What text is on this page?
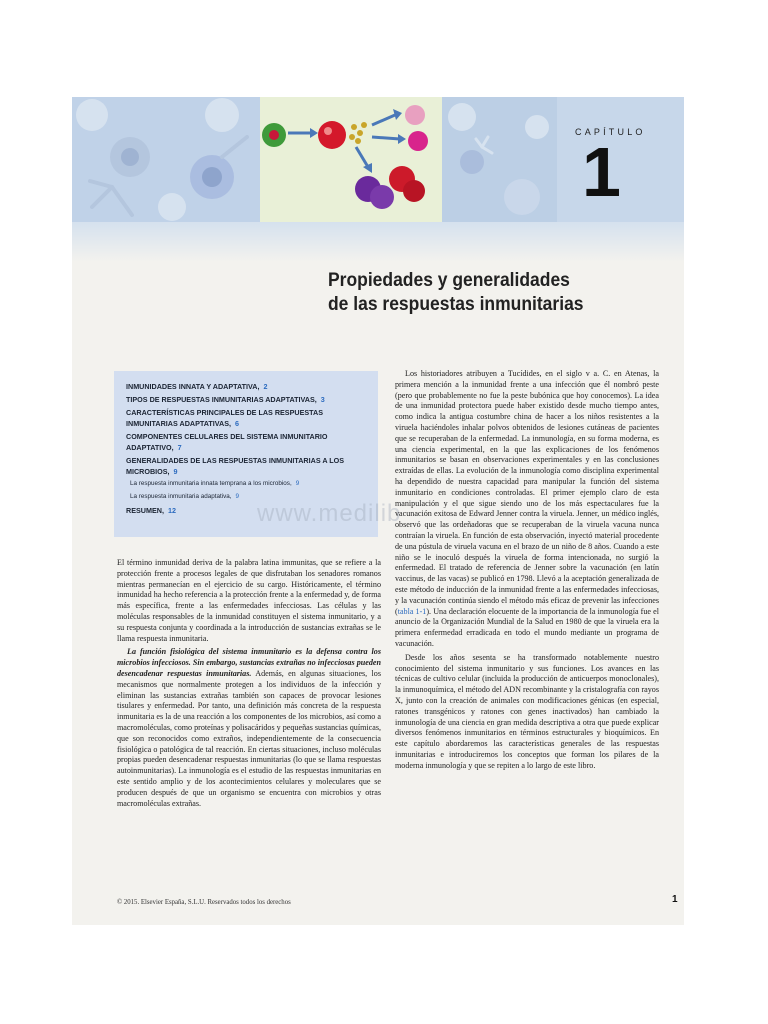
CAPÍTULO
1
Propiedades y generalidades
de las respuestas inmunitarias
INMUNIDADES INNATA Y ADAPTATIVA, 2
TIPOS DE RESPUESTAS INMUNITARIAS ADAPTATIVAS, 3
CARACTERÍSTICAS PRINCIPALES DE LAS RESPUESTAS INMUNITARIAS ADAPTATIVAS, 6
COMPONENTES CELULARES DEL SISTEMA INMUNITARIO ADAPTATIVO, 7
GENERALIDADES DE LAS RESPUESTAS INMUNITARIAS A LOS MICROBIOS, 9
La respuesta inmunitaria innata temprana a los microbios, 9
La respuesta inmunitaria adaptativa, 9
RESUMEN, 12	www.medilib

El término inmunidad deriva de la palabra latina immunitas, que se refiere a la protección frente a procesos legales de que disfrutaban los senadores romanos mientras permanecían en el ejercicio de su cargo. Históricamente, el término inmunidad ha hecho referencia a la protección frente a la enfermedad y, de forma más específica, frente a las enfermedades infecciosas. Las células y las moléculas responsables de la inmunidad constituyen el sistema inmunitario, y a su respuesta conjunta y coordinada a la introducción de sustancias extrañas se le llama respuesta inmunitaria.

La función fisiológica del sistema inmunitario es la defensa contra los microbios infecciosos. Sin embargo, sustancias extrañas no infecciosas pueden desencadenar respuestas inmunitarias. Además, en algunas situaciones, los mecanismos que normalmente protegen a los individuos de la infección y eliminan las sustancias extrañas también son capaces de provocar lesiones tisulares y enfermedad. Por tanto, una definición más concreta de la respuesta inmunitaria es la de una reacción a los componentes de los microbios, así como a macromoléculas, como proteínas y polisacáridos y pequeñas sustancias químicas, que son reconocidos como extraños, independientemente de la consecuencia fisiológica o patológica de tal reacción. En ciertas situaciones, incluso moléculas propias pueden desencadenar respuestas inmunitarias (lo que se llama respuestas autoinmunitarias). La inmunología es el estudio de las respuestas inmunitarias en este sentido amplio y de los acontecimientos celulares y moleculares que se producen después de que un organismo se encuentra con microbios y otras macromoléculas extrañas.

Los historiadores atribuyen a Tucídides, en el siglo v a. C. en Atenas, la primera mención a la inmunidad frente a una infección que él nombró peste (pero que probablemente no fue la peste bubónica que hoy conocemos). La idea de una inmunidad protectora puede haber existido desde mucho tiempo antes, como indica la antigua costumbre china de hacer a los niños resistentes a la viruela haciéndoles inhalar polvos obtenidos de lesiones cutáneas de pacientes que se recuperaban de la enfermedad. La inmunología, en su forma moderna, es una ciencia experimental, en la que las explicaciones de los fenómenos inmunitarios se basan en observaciones experimentales y en las conclusiones extraídas de ellas. La evolución de la inmunología como disciplina experimental ha dependido de nuestra capacidad para manipular la función del sistema inmunitario en condiciones controladas. El primer ejemplo claro de esta manipulación y el que sigue siendo uno de los más espectaculares fue la vacunación exitosa de Edward Jenner contra la viruela. Jenner, un médico inglés, observó que las ordeñadoras que se recuperaban de la viruela vacuna nunca contraían la viruela. En función de esta observación, inyectó material procedente de una pústula de viruela vacuna en el brazo de un niño de 8 años. Cuando a este niño se le inoculó después la viruela de forma intencionada, no surgió la enfermedad. El tratado de referencia de Jenner sobre la vacunación (en latín vaccinus, de las vacas) se publicó en 1798. Llevó a la aceptación generalizada de este método de inducción de la inmunidad frente a las enfermedades infecciosas, y la vacunación continúa siendo el método más eficaz de prevenir las infecciones (tabla 1-1). Una declaración elocuente de la importancia de la inmunología fue el anuncio de la Organización Mundial de la Salud en 1980 de que la viruela era la primera enfermedad erradicada en todo el mundo mediante un programa de vacunación.

Desde los años sesenta se ha transformado notablemente nuestro conocimiento del sistema inmunitario y sus funciones. Los avances en las técnicas de cultivo celular (incluida la producción de anticuerpos monoclonales), la inmunoquímica, el método del ADN recombinante y la cristalografía con rayos X, junto con la creación de animales con modificaciones génicas (en especial, ratones transgénicos y ratones con genes inactivados) han cambiado la inmunología de una ciencia en gran medida descriptiva a otra que puede explicar diversos fenómenos inmunitarios en términos estructurales y bioquímicos. En este capítulo abordaremos las características generales de las respuestas inmunitarias e introduciremos los conceptos que forman los pilares de la moderna inmunología y que se repiten a lo largo de este libro.

© 2015. Elsevier España, S.L.U. Reservados todos los derechos	1
